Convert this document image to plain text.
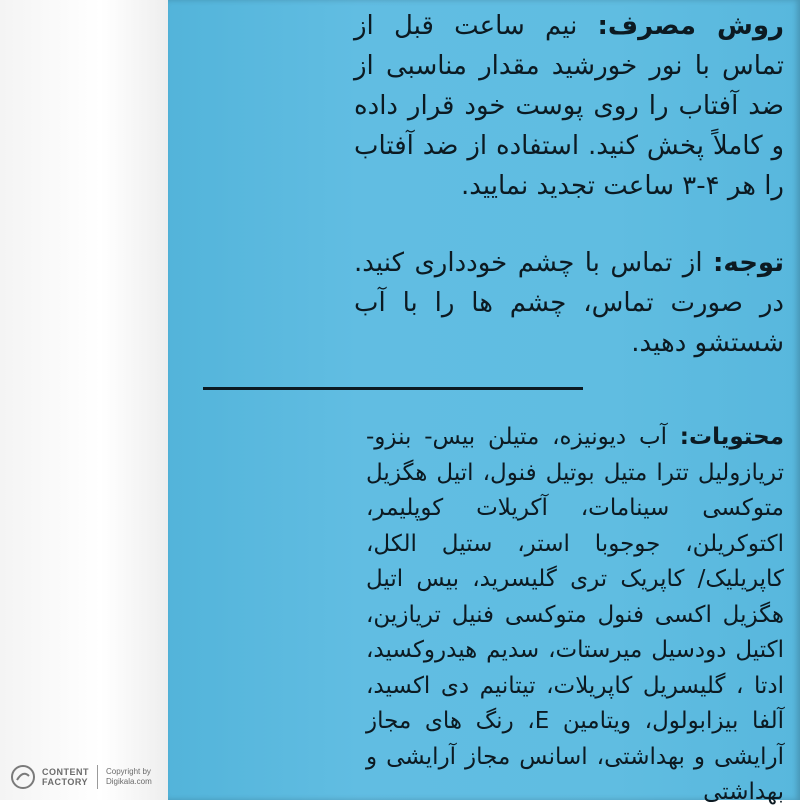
روش مصرف: نیم ساعت قبل از تماس با نور خورشید مقدار مناسبی از ضد آفتاب را روی پوست خود قرار داده و کاملاً پخش کنید. استفاده از ضد آفتاب را هر ۴-۳ ساعت تجدید نمایید.

توجه: از تماس با چشم خودداری کنید. در صورت تماس، چشم ها را با آب شستشو دهید.

محتویات: آب دیونیزه، متیلن بیس- بنزو- تریازولیل تترا متیل بوتیل فنول، اتیل هگزیل متوکسی سینامات، آکریلات کوپلیمر، اکتوکریلن، جوجوبا استر، ستیل الکل، کاپریلیک/ کاپریک تری گلیسرید، بیس اتیل هگزیل اکسی فنول متوکسی فنیل تریازین، اکتیل دودسیل میرستات، سدیم هیدروکسید، ادتا ، گلیسریل کاپریلات، تیتانیم دی اکسید، آلفا بیزابولول، ویتامین E، رنگ های مجاز آرایشی و بهداشتی، اسانس مجاز آرایشی و بهداشتی

CONTENT
FACTORY
Copyright by
Digikala.com
